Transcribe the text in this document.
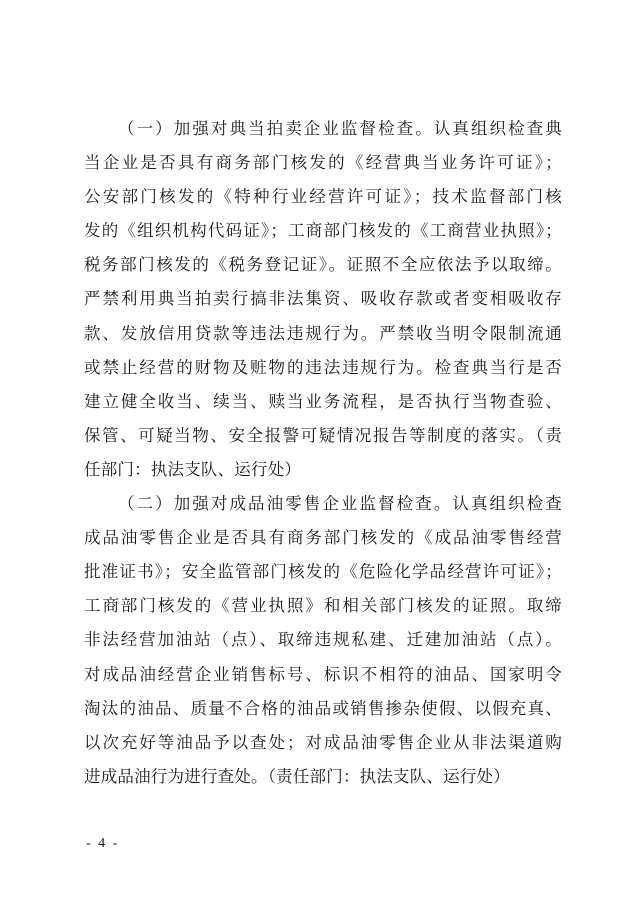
（一）加强对典当拍卖企业监督检查。认真组织检查典
当企业是否具有商务部门核发的《经营典当业务许可证》；
公安部门核发的《特种行业经营许可证》；技术监督部门核
发的《组织机构代码证》；工商部门核发的《工商营业执照》；
税务部门核发的《税务登记证》。证照不全应依法予以取缔。
严禁利用典当拍卖行搞非法集资、吸收存款或者变相吸收存
款、发放信用贷款等违法违规行为。严禁收当明令限制流通
或禁止经营的财物及赃物的违法违规行为。检查典当行是否
建立健全收当、续当、赎当业务流程，是否执行当物查验、
保管、可疑当物、安全报警可疑情况报告等制度的落实。（责
任部门：执法支队、运行处）
（二）加强对成品油零售企业监督检查。认真组织检查
成品油零售企业是否具有商务部门核发的《成品油零售经营
批准证书》；安全监管部门核发的《危险化学品经营许可证》；
工商部门核发的《营业执照》和相关部门核发的证照。取缔
非法经营加油站（点）、取缔违规私建、迁建加油站（点）。
对成品油经营企业销售标号、标识不相符的油品、国家明令
淘汰的油品、质量不合格的油品或销售掺杂使假、以假充真、
以次充好等油品予以查处；对成品油零售企业从非法渠道购
进成品油行为进行查处。（责任部门：执法支队、运行处）
- 4 -
